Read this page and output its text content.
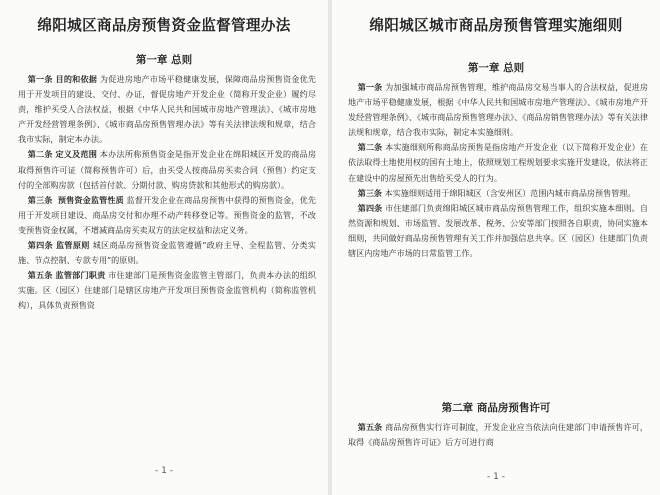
绵阳城区商品房预售资金监督管理办法
第一章 总则

第一条 目的和依据 为促进房地产市场平稳健康发展，保障商品房预售资金优先用于开发项目的建设、交付、办证，督促房地产开发企业（简称开发企业）履约尽责，维护买受人合法权益，根据《中华人民共和国城市房地产管理法》、《城市房地产开发经营管理条例》、《城市商品房预售管理办法》等有关法律法规和规章，结合我市实际，制定本办法。

第二条 定义及范围 本办法所称预售资金是指开发企业在绵阳城区开发的商品房取得预售许可证（简称预售许可）后，由买受人按商品房买卖合同（预售）约定支付的全部购房款（包括首付款、分期付款、购房贷款和其他形式的购房款）。

第三条 预售资金监管性质 监督开发企业在商品房预售中获得的预售资金，优先用于开发项目建设、商品房交付和办理不动产转移登记等。预售资金的监管，不改变预售资金权属，不增减商品房买卖双方的法定权益和法定义务。

第四条 监管原则 城区商品房预售资金监管遵循“政府主导、全程监管、分类实施、节点控制、专款专用”的原则。

第五条 监管部门职责 市住建部门是预售资金监管主管部门，负责本办法的组织实施。区（园区）住建部门是辖区房地产开发项目预售资金监管机构（简称监管机构），具体负责预售资

- 1 -
绵阳城区城市商品房预售管理实施细则
第一章 总则

第一条 为加强城市商品房预售管理，维护商品房交易当事人的合法权益，促进房地产市场平稳健康发展，根据《中华人民共和国城市房地产管理法》、《城市房地产开发经营管理条例》、《城市商品房预售管理办法》、《商品房销售管理办法》等有关法律法规和规章，结合我市实际，制定本实施细则。

第二条 本实施细则所称商品房预售是指房地产开发企业（以下简称开发企业）在依法取得土地使用权的国有土地上，依照规划工程规划要求实施开发建设，依法将正在建设中的房屋预先出售给买受人的行为。

第三条 本实施细则适用于绵阳城区（含安州区）范围内城市商品房预售管理。

第四条 市住建部门负责绵阳城区城市商品房预售管理工作，组织实施本细则。自然资源和规划、市场监管、发展改革、税务、公安等部门按照各自职责，协同实施本细则，共同做好商品房预售管理有关工作并加强信息共享。区（园区）住建部门负责辖区内房地产市场的日常监管工作。

第二章 商品房预售许可

第五条 商品房预售实行许可制度，开发企业应当依法向住建部门申请预售许可，取得《商品房预售许可证》后方可进行商

- 1 -
